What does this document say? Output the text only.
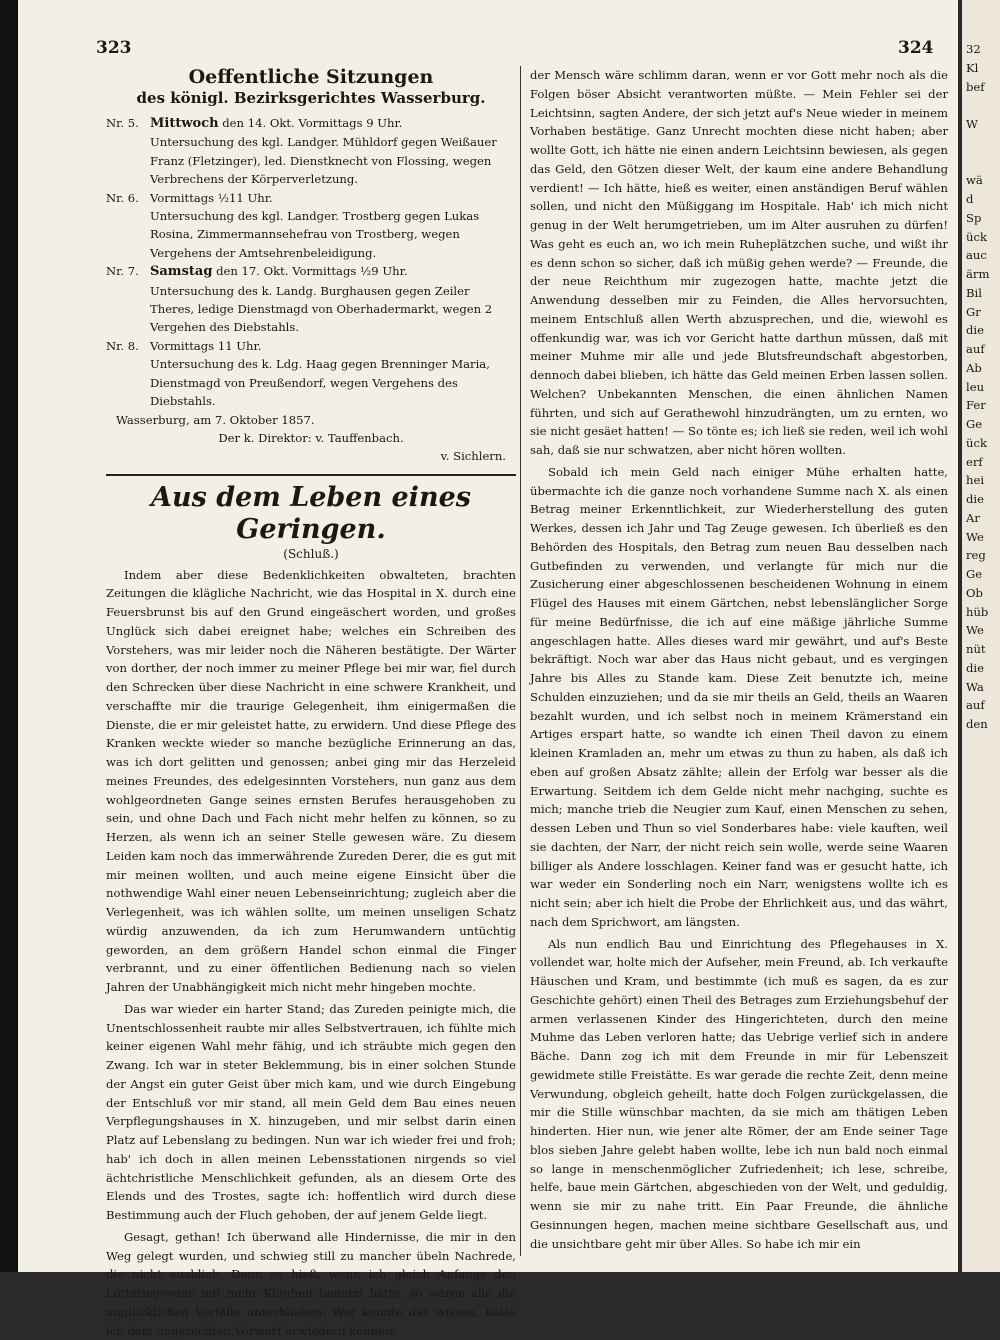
323	324

Oeffentliche Sitzungen

des königl. Bezirksgerichtes Wasserburg.

Nr. 5. Mittwoch den 14. Okt. Vormittags 9 Uhr.
Untersuchung des kgl. Landger. Mühldorf gegen Weißauer Franz (Fletzinger), led. Dienstknecht von Flossing, wegen Verbrechens der Körperverletzung.

Nr. 6. Vormittags ½11 Uhr.
Untersuchung des kgl. Landger. Trostberg gegen Lukas Rosina, Zimmermannsehefrau von Trostberg, wegen Vergehens der Amtsehrenbeleidigung.

Nr. 7. Samstag den 17. Okt. Vormittags ½9 Uhr.
Untersuchung des k. Landg. Burghausen gegen Zeiler Theres, ledige Dienstmagd von Oberhadermarkt, wegen 2 Vergehen des Diebstahls.

Nr. 8. Vormittags 11 Uhr.
Untersuchung des k. Ldg. Haag gegen Brenninger Maria, Dienstmagd von Preußendorf, wegen Vergehens des Diebstahls.

Wasserburg, am 7. Oktober 1857.

Der k. Direktor: v. Tauffenbach.

v. Sichlern.

Aus dem Leben eines Geringen.

(Schluß.)

Indem aber diese Bedenklichkeiten obwalteten, brachten Zeitungen die klägliche Nachricht, wie das Hospital in X. durch eine Feuersbrunst bis auf den Grund eingeäschert worden, und großes Unglück sich dabei ereignet habe; welches ein Schreiben des Vorstehers, was mir leider noch die Näheren bestätigte. Der Wärter von dorther, der noch immer zu meiner Pflege bei mir war, fiel durch den Schrecken über diese Nachricht in eine schwere Krankheit, und verschaffte mir die traurige Gelegenheit, ihm einigermaßen die Dienste, die er mir geleistet hatte, zu erwidern. Und diese Pflege des Kranken weckte wieder so manche bezügliche Erinnerung an das, was ich dort gelitten und genossen; anbei ging mir das Herzeleid meines Freundes, des edelgesinnten Vorstehers, nun ganz aus dem wohlgeordneten Gange seines ernsten Berufes herausgehoben zu sein, und ohne Dach und Fach nicht mehr helfen zu können, so zu Herzen, als wenn ich an seiner Stelle gewesen wäre. Zu diesem Leiden kam noch das immerwährende Zureden Derer, die es gut mit mir meinen wollten, und auch meine eigene Einsicht über die nothwendige Wahl einer neuen Lebenseinrichtung; zugleich aber die Verlegenheit, was ich wählen sollte, um meinen unseligen Schatz würdig anzuwenden, da ich zum Herumwandern untüchtig geworden, an dem größern Handel schon einmal die Finger verbrannt, und zu einer öffentlichen Bedienung nach so vielen Jahren der Unabhängigkeit mich nicht mehr hingeben mochte.

Das war wieder ein harter Stand; das Zureden peinigte mich, die Unentschlossenheit raubte mir alles Selbstvertrauen, ich fühlte mich keiner eigenen Wahl mehr fähig, und ich sträubte mich gegen den Zwang. Ich war in steter Beklemmung, bis in einer solchen Stunde der Angst ein guter Geist über mich kam, und wie durch Eingebung der Entschluß vor mir stand, all mein Geld dem Bau eines neuen Verpflegungshauses in X. hinzugeben, und mir selbst darin einen Platz auf Lebenslang zu bedingen. Nun war ich wieder frei und froh; hab' ich doch in allen meinen Lebensstationen nirgends so viel ächtchristliche Menschlichkeit gefunden, als an diesem Orte des Elends und des Trostes, sagte ich: hoffentlich wird durch diese Bestimmung auch der Fluch gehoben, der auf jenem Gelde liegt.

Gesagt, gethan! Ich überwand alle Hindernisse, die mir in den Weg gelegt wurden, und schwieg still zu mancher übeln Nachrede, die nicht ausblieb. Denn es hieß, wenn ich gleich Anfangs den Lotteriegewinn mit mehr Klugheit benutzt hätte, so wären alle die unglücklichen Vorfälle unterblieben. Wer konnte das wissen, hätte ich dem ungerechten Vorwurf erwiedern können;

der Mensch wäre schlimm daran, wenn er vor Gott mehr noch als die Folgen böser Absicht verantworten müßte. — Mein Fehler sei der Leichtsinn, sagten Andere, der sich jetzt auf's Neue wieder in meinem Vorhaben bestätige. Ganz Unrecht mochten diese nicht haben; aber wollte Gott, ich hätte nie einen andern Leichtsinn bewiesen, als gegen das Geld, den Götzen dieser Welt, der kaum eine andere Behandlung verdient! — Ich hätte, hieß es weiter, einen anständigen Beruf wählen sollen, und nicht den Müßiggang im Hospitale. Hab' ich mich nicht genug in der Welt herumgetrieben, um im Alter ausruhen zu dürfen! Was geht es euch an, wo ich mein Ruheplätzchen suche, und wißt ihr es denn schon so sicher, daß ich müßig gehen werde? — Freunde, die der neue Reichthum mir zugezogen hatte, machte jetzt die Anwendung desselben mir zu Feinden, die Alles hervorsuchten, meinem Entschluß allen Werth abzusprechen, und die, wiewohl es offenkundig war, was ich vor Gericht hatte darthun müssen, daß mit meiner Muhme mir alle und jede Blutsfreundschaft abgestorben, dennoch dabei blieben, ich hätte das Geld meinen Erben lassen sollen. Welchen? Unbekannten Menschen, die einen ähnlichen Namen führten, und sich auf Gerathewohl hinzudrängten, um zu ernten, wo sie nicht gesäet hatten! — So tönte es; ich ließ sie reden, weil ich wohl sah, daß sie nur schwatzen, aber nicht hören wollten.

Sobald ich mein Geld nach einiger Mühe erhalten hatte, übermachte ich die ganze noch vorhandene Summe nach X. als einen Betrag meiner Erkenntlichkeit, zur Wiederherstellung des guten Werkes, dessen ich Jahr und Tag Zeuge gewesen. Ich überließ es den Behörden des Hospitals, den Betrag zum neuen Bau desselben nach Gutbefinden zu verwenden, und verlangte für mich nur die Zusicherung einer abgeschlossenen bescheidenen Wohnung in einem Flügel des Hauses mit einem Gärtchen, nebst lebenslänglicher Sorge für meine Bedürfnisse, die ich auf eine mäßige jährliche Summe angeschlagen hatte. Alles dieses ward mir gewährt, und auf's Beste bekräftigt. Noch war aber das Haus nicht gebaut, und es vergingen Jahre bis Alles zu Stande kam. Diese Zeit benutzte ich, meine Schulden einzuziehen; und da sie mir theils an Geld, theils an Waaren bezahlt wurden, und ich selbst noch in meinem Krämerstand ein Artiges erspart hatte, so wandte ich einen Theil davon zu einem kleinen Kramladen an, mehr um etwas zu thun zu haben, als daß ich eben auf großen Absatz zählte; allein der Erfolg war besser als die Erwartung. Seitdem ich dem Gelde nicht mehr nachging, suchte es mich; manche trieb die Neugier zum Kauf, einen Menschen zu sehen, dessen Leben und Thun so viel Sonderbares habe: viele kauften, weil sie dachten, der Narr, der nicht reich sein wolle, werde seine Waaren billiger als Andere losschlagen. Keiner fand was er gesucht hatte, ich war weder ein Sonderling noch ein Narr, wenigstens wollte ich es nicht sein; aber ich hielt die Probe der Ehrlichkeit aus, und das währt, nach dem Sprichwort, am längsten.

Als nun endlich Bau und Einrichtung des Pflegehauses in X. vollendet war, holte mich der Aufseher, mein Freund, ab. Ich verkaufte Häuschen und Kram, und bestimmte (ich muß es sagen, da es zur Geschichte gehört) einen Theil des Betrages zum Erziehungsbehuf der armen verlassenen Kinder des Hingerichteten, durch den meine Muhme das Leben verloren hatte; das Uebrige verlief sich in andere Bäche. Dann zog ich mit dem Freunde in mir für Lebenszeit gewidmete stille Freistätte. Es war gerade die rechte Zeit, denn meine Verwundung, obgleich geheilt, hatte doch Folgen zurückgelassen, die mir die Stille wünschbar machten, da sie mich am thätigen Leben hinderten. Hier nun, wie jener alte Römer, der am Ende seiner Tage blos sieben Jahre gelebt haben wollte, lebe ich nun bald noch einmal so lange in menschenmöglicher Zufriedenheit; ich lese, schreibe, helfe, baue mein Gärtchen, abgeschieden von der Welt, und geduldig, wenn sie mir zu nahe tritt. Ein Paar Freunde, die ähnliche Gesinnungen hegen, machen meine sichtbare Gesellschaft aus, und die unsichtbare geht mir über Alles. So habe ich mir ein

32

Kl

bef

W

wä

d

Sp

ück

auc

ärm

Bil

Gr

die

auf

Ab

leu

Fer

Ge

ück

erf

hei

die

Ar

We

reg

Ge

Ob

hüb

We

nüt

die

Wa

auf

den
